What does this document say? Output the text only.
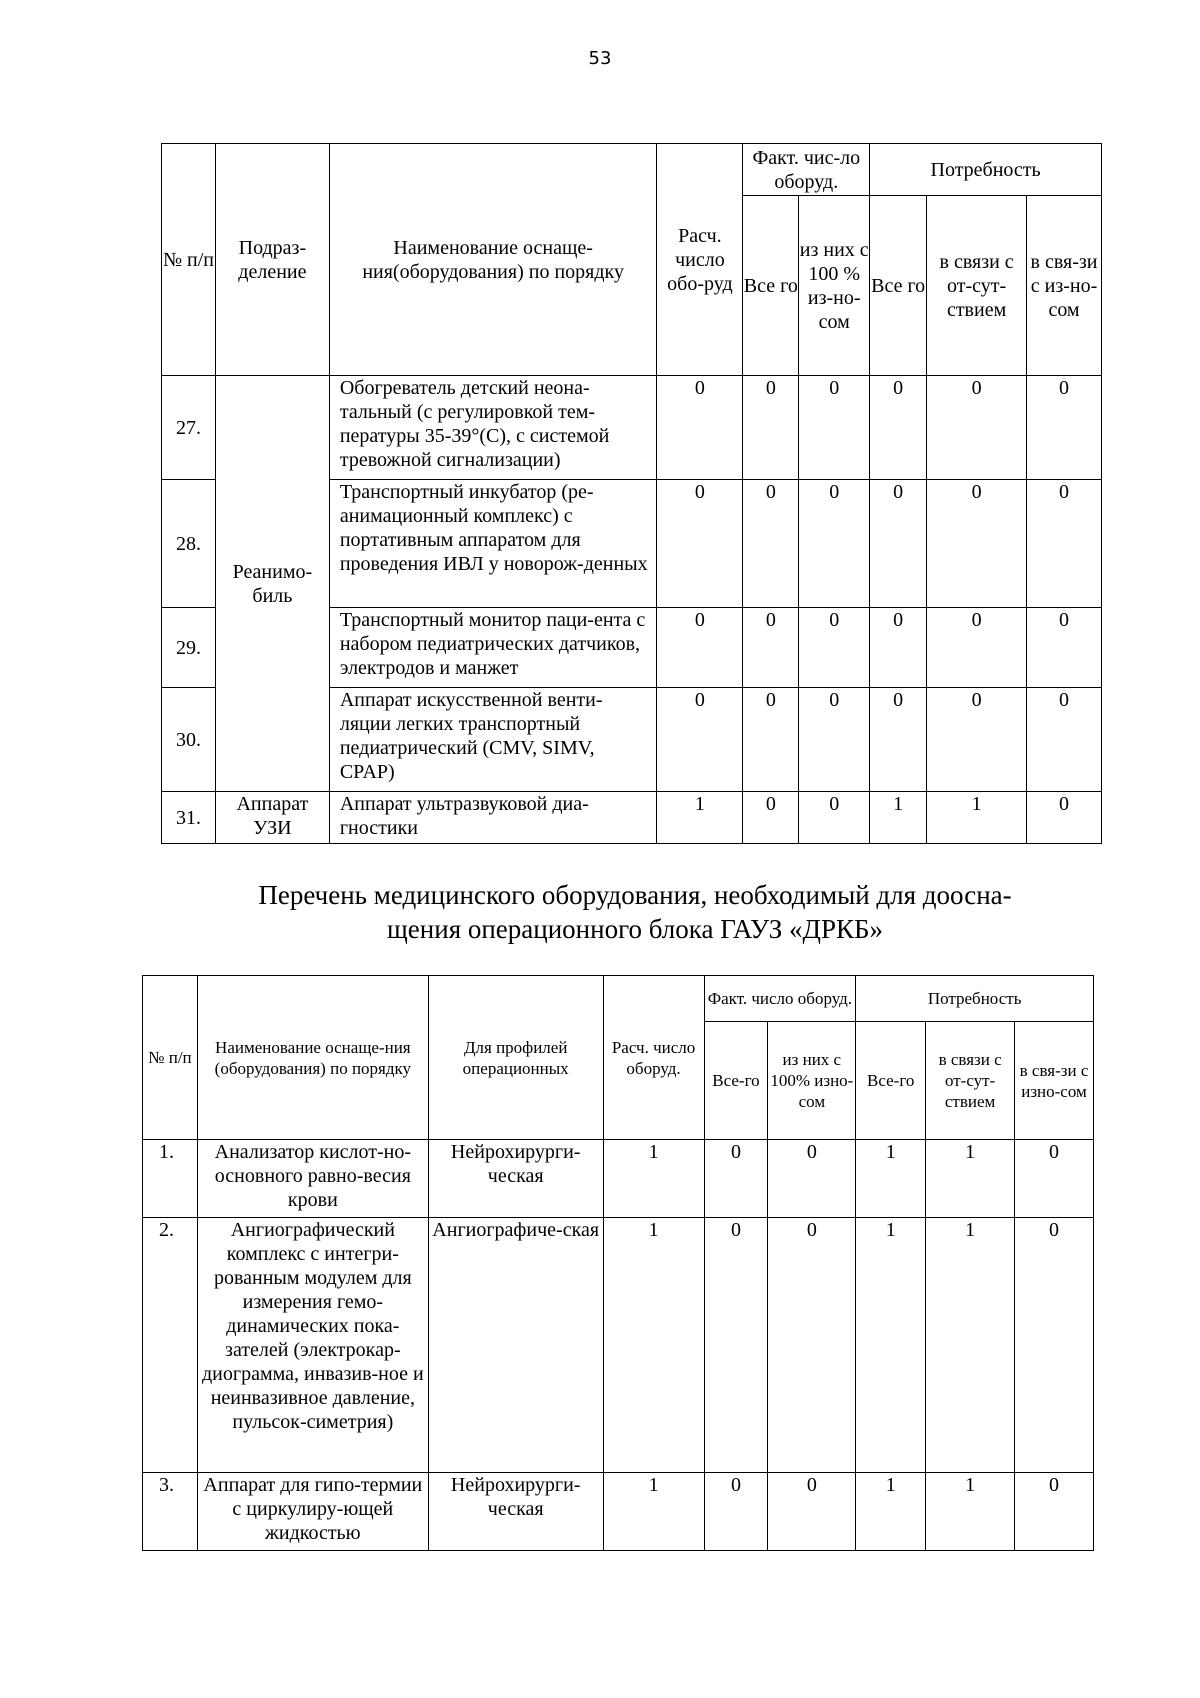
53
№ п/п	Подраз-деление	Наименование оснаще-ния(оборудования) по порядку	Расч. число обо-руд	Факт. чис-ло оборуд.		Потребность		
				Все го	из них с 100 % из-но-сом	Все го	в связи с от-сут-ствием	в свя-зи с из-но-сом
27.	Реанимо-биль	Обогреватель детский неона-тальный (с регулировкой тем-пературы 35-39°(С), с системой тревожной сигнализации)	0	0	0	0	0	0
28.		Транспортный инкубатор (ре-анимационный комплекс) с портативным аппаратом для проведения ИВЛ у новорож-денных	0	0	0	0	0	0
29.		Транспортный монитор паци-ента с набором педиатрических датчиков, электродов и манжет	0	0	0	0	0	0
30.		Аппарат искусственной венти-ляции легких транспортный педиатрический (CMV, SIMV, CPAP)	0	0	0	0	0	0
31.	Аппарат УЗИ	Аппарат ультразвуковой диа-гностики	1	0	0	1	1	0
Перечень медицинского оборудования, необходимый для доосна-
щения операционного блока ГАУЗ «ДРКБ»
№ п/п	Наименование оснаще-ния (оборудования) по порядку	Для профилей операционных	Расч. число оборуд.	Факт. число оборуд.		Потребность		
				Все-го	из них с 100% изно-сом	Все-го	в связи с от-сут-ствием	в свя-зи с изно-сом
1.	Анализатор кислот-но-основного равно-весия крови	Нейрохирурги-ческая	1	0	0	1	1	0
2.	Ангиографический комплекс с интегри-рованным модулем для измерения гемо-динамических пока-зателей (электрокар-диограмма, инвазив-ное и неинвазивное давление, пульсок-симетрия)	Ангиографиче-ская	1	0	0	1	1	0
3.	Аппарат для гипо-термии с циркулиру-ющей жидкостью	Нейрохирурги-ческая	1	0	0	1	1	0
